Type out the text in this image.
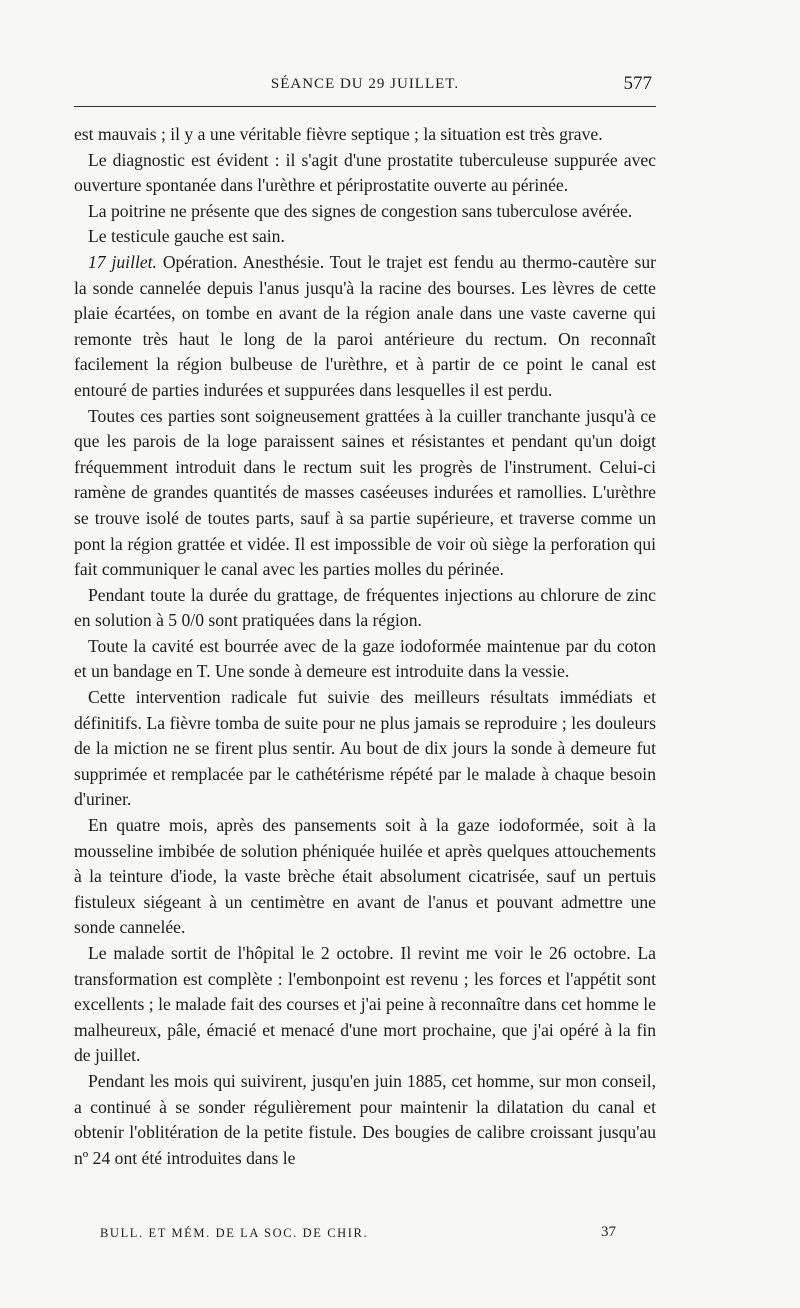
SÉANCE DU 29 JUILLET.	577

est mauvais ; il y a une véritable fièvre septique ; la situation est très grave.

Le diagnostic est évident : il s'agit d'une prostatite tuberculeuse suppurée avec ouverture spontanée dans l'urèthre et périprostatite ouverte au périnée.

La poitrine ne présente que des signes de congestion sans tuberculose avérée.

Le testicule gauche est sain.

17 juillet. Opération. Anesthésie. Tout le trajet est fendu au thermo-cautère sur la sonde cannelée depuis l'anus jusqu'à la racine des bourses. Les lèvres de cette plaie écartées, on tombe en avant de la région anale dans une vaste caverne qui remonte très haut le long de la paroi antérieure du rectum. On reconnaît facilement la région bulbeuse de l'urèthre, et à partir de ce point le canal est entouré de parties indurées et suppurées dans lesquelles il est perdu.

Toutes ces parties sont soigneusement grattées à la cuiller tranchante jusqu'à ce que les parois de la loge paraissent saines et résistantes et pendant qu'un doigt fréquemment introduit dans le rectum suit les progrès de l'instrument. Celui-ci ramène de grandes quantités de masses caséeuses indurées et ramollies. L'urèthre se trouve isolé de toutes parts, sauf à sa partie supérieure, et traverse comme un pont la région grattée et vidée. Il est impossible de voir où siège la perforation qui fait communiquer le canal avec les parties molles du périnée.

Pendant toute la durée du grattage, de fréquentes injections au chlorure de zinc en solution à 5 0/0 sont pratiquées dans la région.

Toute la cavité est bourrée avec de la gaze iodoformée maintenue par du coton et un bandage en T. Une sonde à demeure est introduite dans la vessie.

Cette intervention radicale fut suivie des meilleurs résultats immédiats et définitifs. La fièvre tomba de suite pour ne plus jamais se reproduire ; les douleurs de la miction ne se firent plus sentir. Au bout de dix jours la sonde à demeure fut supprimée et remplacée par le cathétérisme répété par le malade à chaque besoin d'uriner.

En quatre mois, après des pansements soit à la gaze iodoformée, soit à la mousseline imbibée de solution phéniquée huilée et après quelques attouchements à la teinture d'iode, la vaste brèche était absolument cicatrisée, sauf un pertuis fistuleux siégeant à un centimètre en avant de l'anus et pouvant admettre une sonde cannelée.

Le malade sortit de l'hôpital le 2 octobre. Il revint me voir le 26 octobre. La transformation est complète : l'embonpoint est revenu ; les forces et l'appétit sont excellents ; le malade fait des courses et j'ai peine à reconnaître dans cet homme le malheureux, pâle, émacié et menacé d'une mort prochaine, que j'ai opéré à la fin de juillet.

Pendant les mois qui suivirent, jusqu'en juin 1885, cet homme, sur mon conseil, a continué à se sonder régulièrement pour maintenir la dilatation du canal et obtenir l'oblitération de la petite fistule. Des bougies de calibre croissant jusqu'au nº 24 ont été introduites dans le

BULL. ET MÉM. DE LA SOC. DE CHIR.	37
